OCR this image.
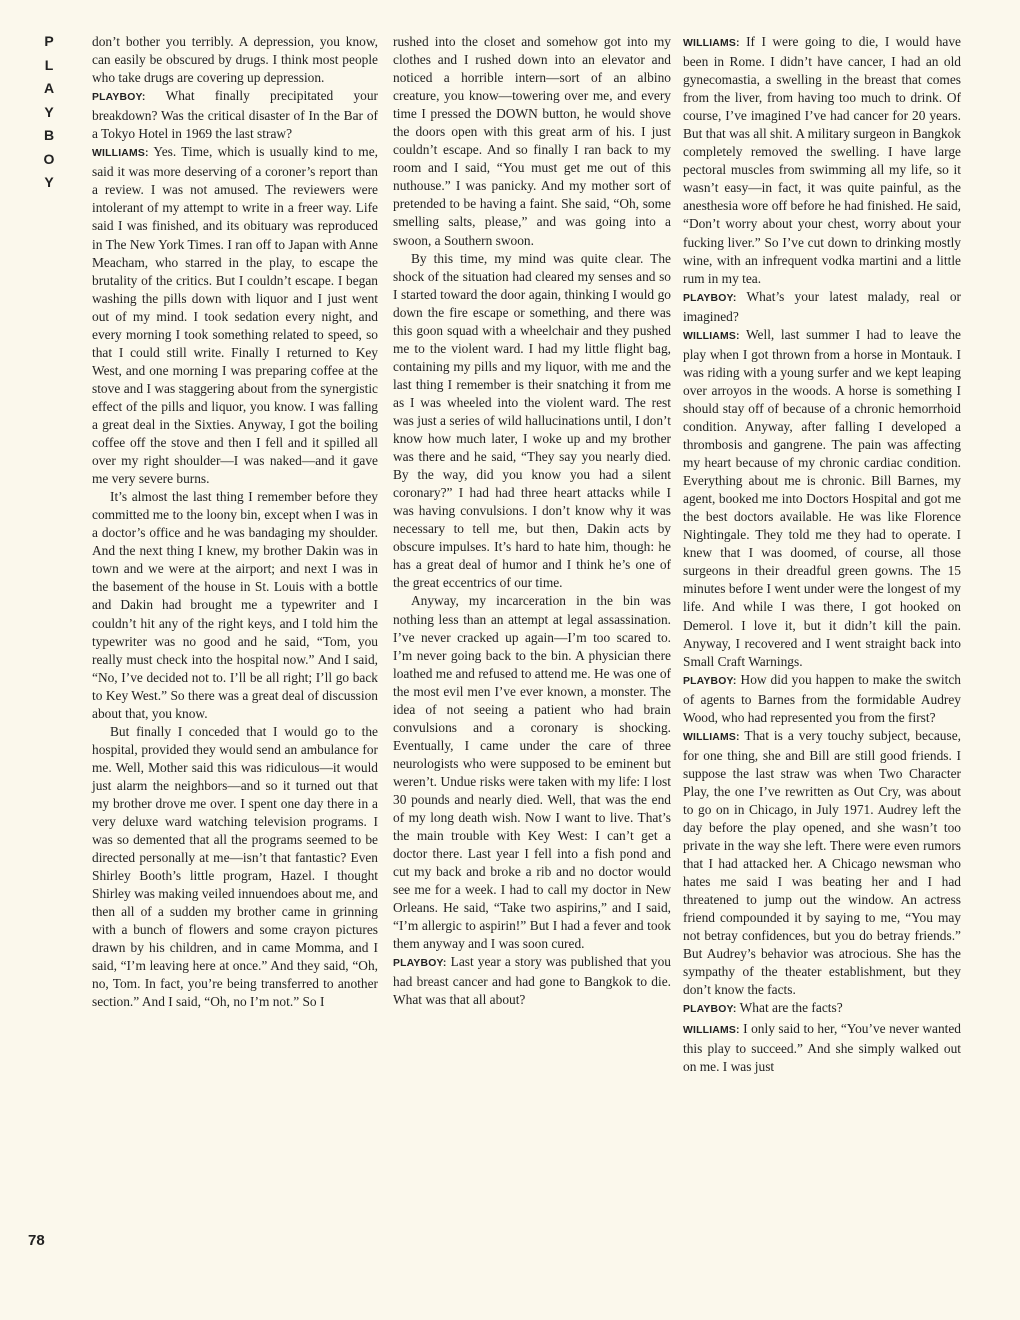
P
L
A
Y
B
O
Y
78

don’t bother you terribly. A depression, you know, can easily be obscured by drugs. I think most people who take drugs are covering up depression.

PLAYBOY: What finally precipitated your breakdown? Was the critical disaster of In the Bar of a Tokyo Hotel in 1969 the last straw?

WILLIAMS: Yes. Time, which is usually kind to me, said it was more deserving of a coroner’s report than a review. I was not amused. The reviewers were intolerant of my attempt to write in a freer way. Life said I was finished, and its obituary was reproduced in The New York Times. I ran off to Japan with Anne Meacham, who starred in the play, to escape the brutality of the critics. But I couldn’t escape. I began washing the pills down with liquor and I just went out of my mind. I took sedation every night, and every morning I took something related to speed, so that I could still write. Finally I returned to Key West, and one morning I was preparing coffee at the stove and I was staggering about from the synergistic effect of the pills and liquor, you know. I was falling a great deal in the Sixties. Anyway, I got the boiling coffee off the stove and then I fell and it spilled all over my right shoulder—I was naked—and it gave me very severe burns.

It’s almost the last thing I remember before they committed me to the loony bin, except when I was in a doctor’s office and he was bandaging my shoulder. And the next thing I knew, my brother Dakin was in town and we were at the airport; and next I was in the basement of the house in St. Louis with a bottle and Dakin had brought me a typewriter and I couldn’t hit any of the right keys, and I told him the typewriter was no good and he said, “Tom, you really must check into the hospital now.” And I said, “No, I’ve decided not to. I’ll be all right; I’ll go back to Key West.” So there was a great deal of discussion about that, you know.

But finally I conceded that I would go to the hospital, provided they would send an ambulance for me. Well, Mother said this was ridiculous—it would just alarm the neighbors—and so it turned out that my brother drove me over. I spent one day there in a very deluxe ward watching television programs. I was so demented that all the programs seemed to be directed personally at me—isn’t that fantastic? Even Shirley Booth’s little program, Hazel. I thought Shirley was making veiled innuendoes about me, and then all of a sudden my brother came in grinning with a bunch of flowers and some crayon pictures drawn by his children, and in came Momma, and I said, “I’m leaving here at once.” And they said, “Oh, no, Tom. In fact, you’re being transferred to another section.” And I said, “Oh, no I’m not.” So I

rushed into the closet and somehow got into my clothes and I rushed down into an elevator and noticed a horrible intern—sort of an albino creature, you know—towering over me, and every time I pressed the DOWN button, he would shove the doors open with this great arm of his. I just couldn’t escape. And so finally I ran back to my room and I said, “You must get me out of this nuthouse.” I was panicky. And my mother sort of pretended to be having a faint. She said, “Oh, some smelling salts, please,” and was going into a swoon, a Southern swoon.

By this time, my mind was quite clear. The shock of the situation had cleared my senses and so I started toward the door again, thinking I would go down the fire escape or something, and there was this goon squad with a wheelchair and they pushed me to the violent ward. I had my little flight bag, containing my pills and my liquor, with me and the last thing I remember is their snatching it from me as I was wheeled into the violent ward. The rest was just a series of wild hallucinations until, I don’t know how much later, I woke up and my brother was there and he said, “They say you nearly died. By the way, did you know you had a silent coronary?” I had had three heart attacks while I was having convulsions. I don’t know why it was necessary to tell me, but then, Dakin acts by obscure impulses. It’s hard to hate him, though: he has a great deal of humor and I think he’s one of the great eccentrics of our time.

Anyway, my incarceration in the bin was nothing less than an attempt at legal assassination. I’ve never cracked up again—I’m too scared to. I’m never going back to the bin. A physician there loathed me and refused to attend me. He was one of the most evil men I’ve ever known, a monster. The idea of not seeing a patient who had brain convulsions and a coronary is shocking. Eventually, I came under the care of three neurologists who were supposed to be eminent but weren’t. Undue risks were taken with my life: I lost 30 pounds and nearly died. Well, that was the end of my long death wish. Now I want to live. That’s the main trouble with Key West: I can’t get a doctor there. Last year I fell into a fish pond and cut my back and broke a rib and no doctor would see me for a week. I had to call my doctor in New Orleans. He said, “Take two aspirins,” and I said, “I’m allergic to aspirin!” But I had a fever and took them anyway and I was soon cured.

PLAYBOY: Last year a story was published that you had breast cancer and had gone to Bangkok to die. What was that all about?

WILLIAMS: If I were going to die, I would have been in Rome. I didn’t have cancer, I had an old gynecomastia, a swelling in the breast that comes from the liver, from having too much to drink. Of course, I’ve imagined I’ve had cancer for 20 years. But that was all shit. A military surgeon in Bangkok completely removed the swelling. I have large pectoral muscles from swimming all my life, so it wasn’t easy—in fact, it was quite painful, as the anesthesia wore off before he had finished. He said, “Don’t worry about your chest, worry about your fucking liver.” So I’ve cut down to drinking mostly wine, with an infrequent vodka martini and a little rum in my tea.

PLAYBOY: What’s your latest malady, real or imagined?

WILLIAMS: Well, last summer I had to leave the play when I got thrown from a horse in Montauk. I was riding with a young surfer and we kept leaping over arroyos in the woods. A horse is something I should stay off of because of a chronic hemorrhoid condition. Anyway, after falling I developed a thrombosis and gangrene. The pain was affecting my heart because of my chronic cardiac condition. Everything about me is chronic. Bill Barnes, my agent, booked me into Doctors Hospital and got me the best doctors available. He was like Florence Nightingale. They told me they had to operate. I knew that I was doomed, of course, all those surgeons in their dreadful green gowns. The 15 minutes before I went under were the longest of my life. And while I was there, I got hooked on Demerol. I love it, but it didn’t kill the pain. Anyway, I recovered and I went straight back into Small Craft Warnings.

PLAYBOY: How did you happen to make the switch of agents to Barnes from the formidable Audrey Wood, who had represented you from the first?

WILLIAMS: That is a very touchy subject, because, for one thing, she and Bill are still good friends. I suppose the last straw was when Two Character Play, the one I’ve rewritten as Out Cry, was about to go on in Chicago, in July 1971. Audrey left the day before the play opened, and she wasn’t too private in the way she left. There were even rumors that I had attacked her. A Chicago newsman who hates me said I was beating her and I had threatened to jump out the window. An actress friend compounded it by saying to me, “You may not betray confidences, but you do betray friends.” But Audrey’s behavior was atrocious. She has the sympathy of the theater establishment, but they don’t know the facts.

PLAYBOY: What are the facts?

WILLIAMS: I only said to her, “You’ve never wanted this play to succeed.” And she simply walked out on me. I was just
